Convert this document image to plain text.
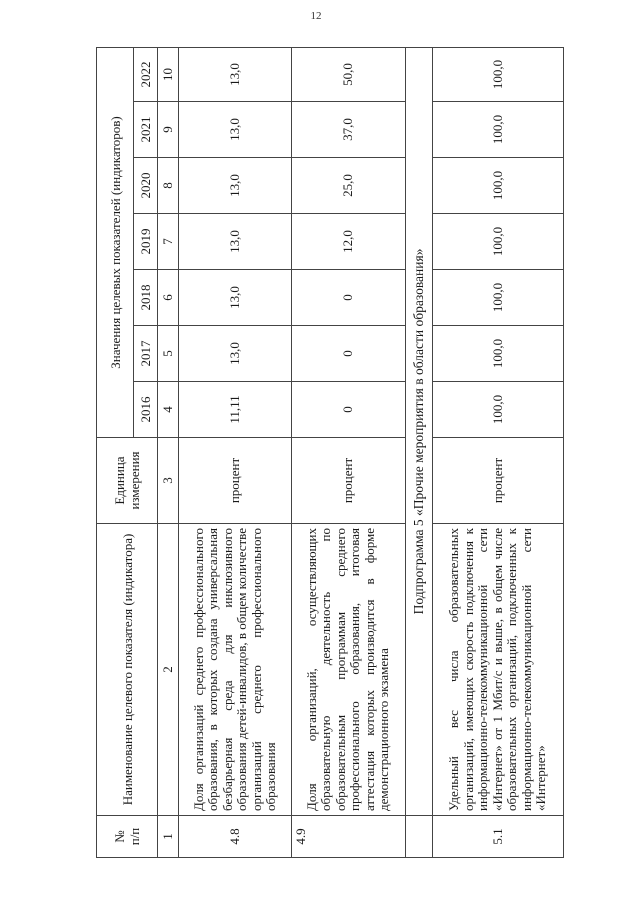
12
№
п/п	Наименование целевого показателя (индикатора)	Единица измерения	Значения целевых показателей (индикаторов)						
			2016	2017	2018	2019	2020	2021	2022
1	2	3	4	5	6	7	8	9	10
4.8	Доля организаций среднего профессионального образования, в которых создана универсальная безбарьерная среда для инклюзивного образования детей-инвалидов, в общем количестве организаций среднего профессионального образования	процент	11,11	13,0	13,0	13,0	13,0	13,0	13,0
4.9	Доля организаций, осуществляющих образовательную деятельность по образовательным программам среднего профессионального образования, итоговая аттестация которых производится в форме демонстрационного экзамена	процент	0	0	0	12,0	25,0	37,0	50,0
	Подпрограмма 5 «Прочие мероприятия в области образования»								
5.1	Удельный вес числа образовательных организаций, имеющих скорость подключения к информационно-телекоммуникационной сети «Интернет» от 1 Мбит/с и выше, в общем числе образовательных организаций, подключенных к информационно-телекоммуникационной сети «Интернет»	процент	100,0	100,0	100,0	100,0	100,0	100,0	100,0
